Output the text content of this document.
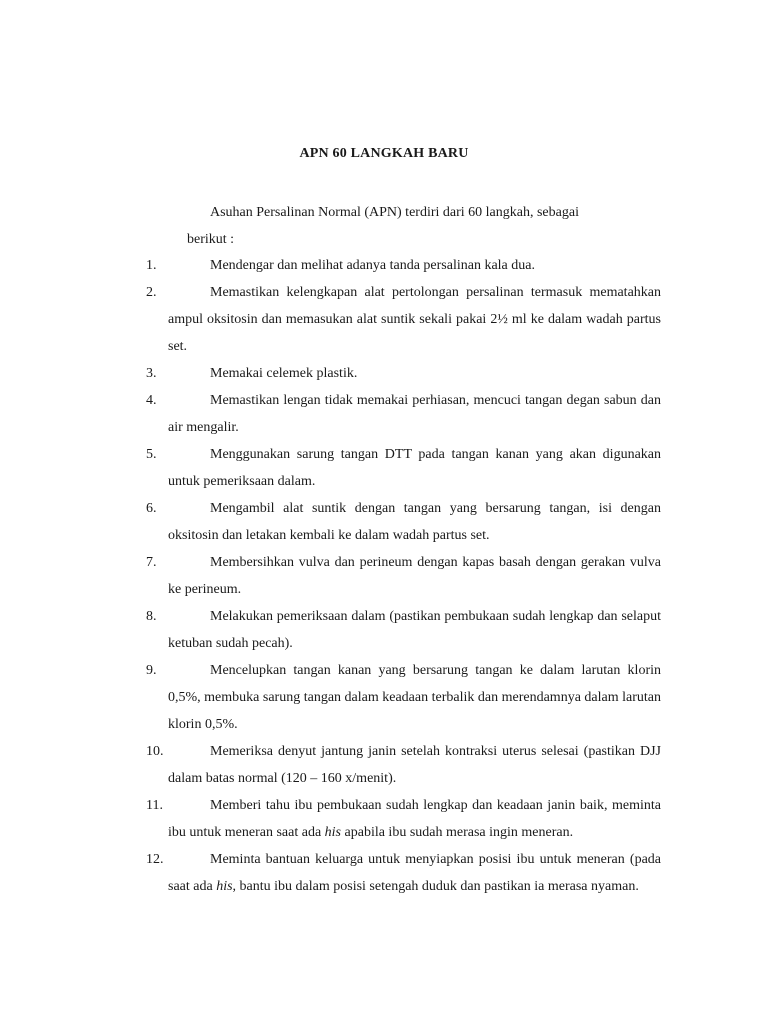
APN 60 LANGKAH BARU
Asuhan Persalinan Normal (APN) terdiri dari 60 langkah, sebagai
berikut :
1.	Mendengar dan melihat adanya tanda persalinan kala dua.
2.	Memastikan kelengkapan alat pertolongan persalinan termasuk mematahkan ampul oksitosin dan memasukan alat suntik sekali pakai 2½ ml ke dalam wadah partus set.
3.	Memakai celemek plastik.
4.	Memastikan lengan tidak memakai perhiasan, mencuci tangan degan sabun dan air mengalir.
5.	Menggunakan sarung tangan DTT pada tangan kanan yang akan digunakan untuk pemeriksaan dalam.
6.	Mengambil alat suntik dengan tangan yang bersarung tangan, isi dengan oksitosin dan letakan kembali ke dalam wadah partus set.
7.	Membersihkan vulva dan perineum dengan kapas basah dengan gerakan vulva ke perineum.
8.	Melakukan pemeriksaan dalam (pastikan pembukaan sudah lengkap dan selaput ketuban sudah pecah).
9.	Mencelupkan tangan kanan yang bersarung tangan ke dalam larutan klorin 0,5%, membuka sarung tangan dalam keadaan terbalik dan merendamnya dalam larutan klorin 0,5%.
10.	Memeriksa denyut jantung janin setelah kontraksi uterus selesai (pastikan DJJ dalam batas normal (120 – 160 x/menit).
11.	Memberi tahu ibu pembukaan sudah lengkap dan keadaan janin baik, meminta ibu untuk meneran saat ada his apabila ibu sudah merasa ingin meneran.
12.	Meminta bantuan keluarga untuk menyiapkan posisi ibu untuk meneran (pada saat ada his, bantu ibu dalam posisi setengah duduk dan pastikan ia merasa nyaman.
